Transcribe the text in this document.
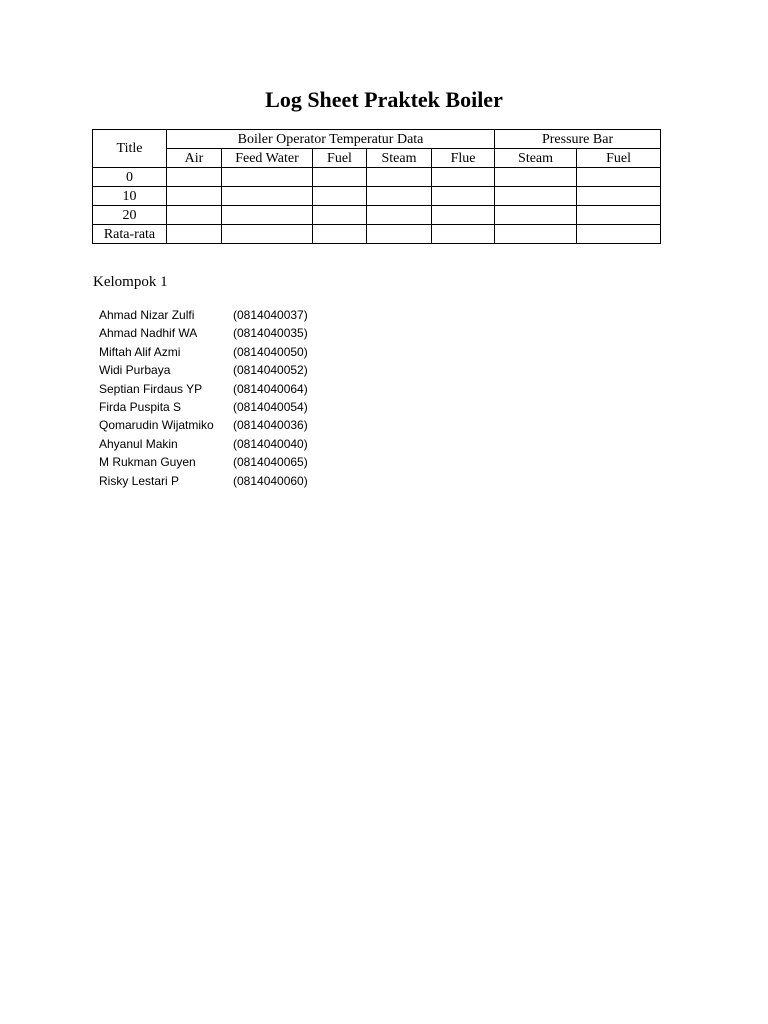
Log Sheet Praktek Boiler
Title	Boiler Operator Temperatur Data					Pressure Bar	
	Air	Feed Water	Fuel	Steam	Flue	Steam	Fuel
0							
10							
20							
Rata-rata							
Kelompok 1
Ahmad Nizar Zulfi	(0814040037)
Ahmad Nadhif WA	(0814040035)
Miftah Alif Azmi	(0814040050)
Widi Purbaya	(0814040052)
Septian Firdaus YP	(0814040064)
Firda Puspita S	(0814040054)
Qomarudin Wijatmiko	(0814040036)
Ahyanul Makin	(0814040040)
M Rukman Guyen	(0814040065)
Risky Lestari P	(0814040060)
